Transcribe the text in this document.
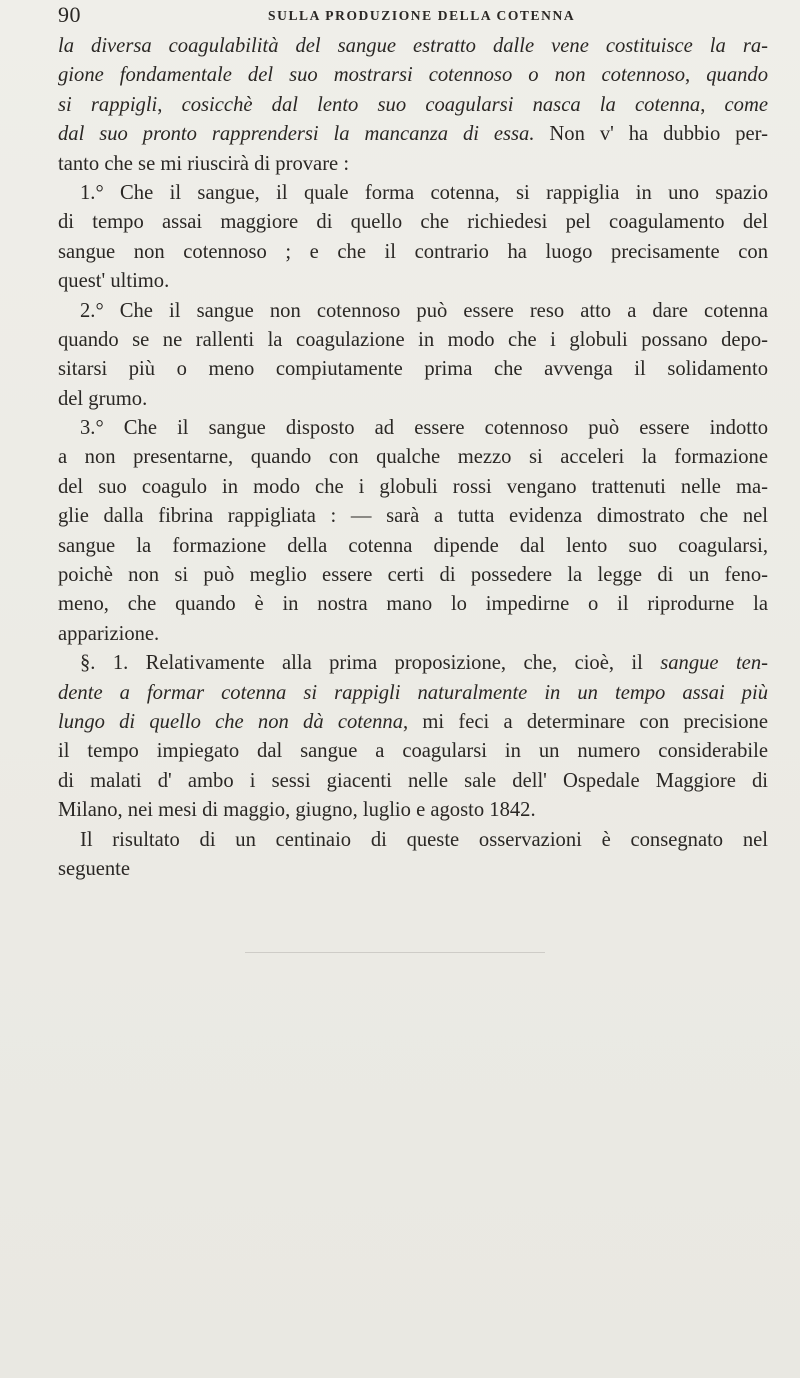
90	SULLA PRODUZIONE DELLA COTENNA
la diversa coagulabilità del sangue estratto dalle vene costituisce la ra-
gione fondamentale del suo mostrarsi cotennoso o non cotennoso, quando
si rappigli, cosicchè dal lento suo coagularsi nasca la cotenna, come
dal suo pronto rapprendersi la mancanza di essa. Non v' ha dubbio per-
tanto che se mi riuscirà di provare :
1.° Che il sangue, il quale forma cotenna, si rappiglia in uno spazio
di tempo assai maggiore di quello che richiedesi pel coagulamento del
sangue non cotennoso ; e che il contrario ha luogo precisamente con
quest' ultimo.
2.° Che il sangue non cotennoso può essere reso atto a dare cotenna
quando se ne rallenti la coagulazione in modo che i globuli possano depo-
sitarsi più o meno compiutamente prima che avvenga il solidamento
del grumo.
3.° Che il sangue disposto ad essere cotennoso può essere indotto
a non presentarne, quando con qualche mezzo si acceleri la formazione
del suo coagulo in modo che i globuli rossi vengano trattenuti nelle ma-
glie dalla fibrina rappigliata : — sarà a tutta evidenza dimostrato che nel
sangue la formazione della cotenna dipende dal lento suo coagularsi,
poichè non si può meglio essere certi di possedere la legge di un feno-
meno, che quando è in nostra mano lo impedirne o il riprodurne la
apparizione.
§. 1. Relativamente alla prima proposizione, che, cioè, il sangue ten-
dente a formar cotenna si rappigli naturalmente in un tempo assai più
lungo di quello che non dà cotenna, mi feci a determinare con precisione
il tempo impiegato dal sangue a coagularsi in un numero considerabile
di malati d' ambo i sessi giacenti nelle sale dell' Ospedale Maggiore di
Milano, nei mesi di maggio, giugno, luglio e agosto 1842.
Il risultato di un centinaio di queste osservazioni è consegnato nel
seguente
